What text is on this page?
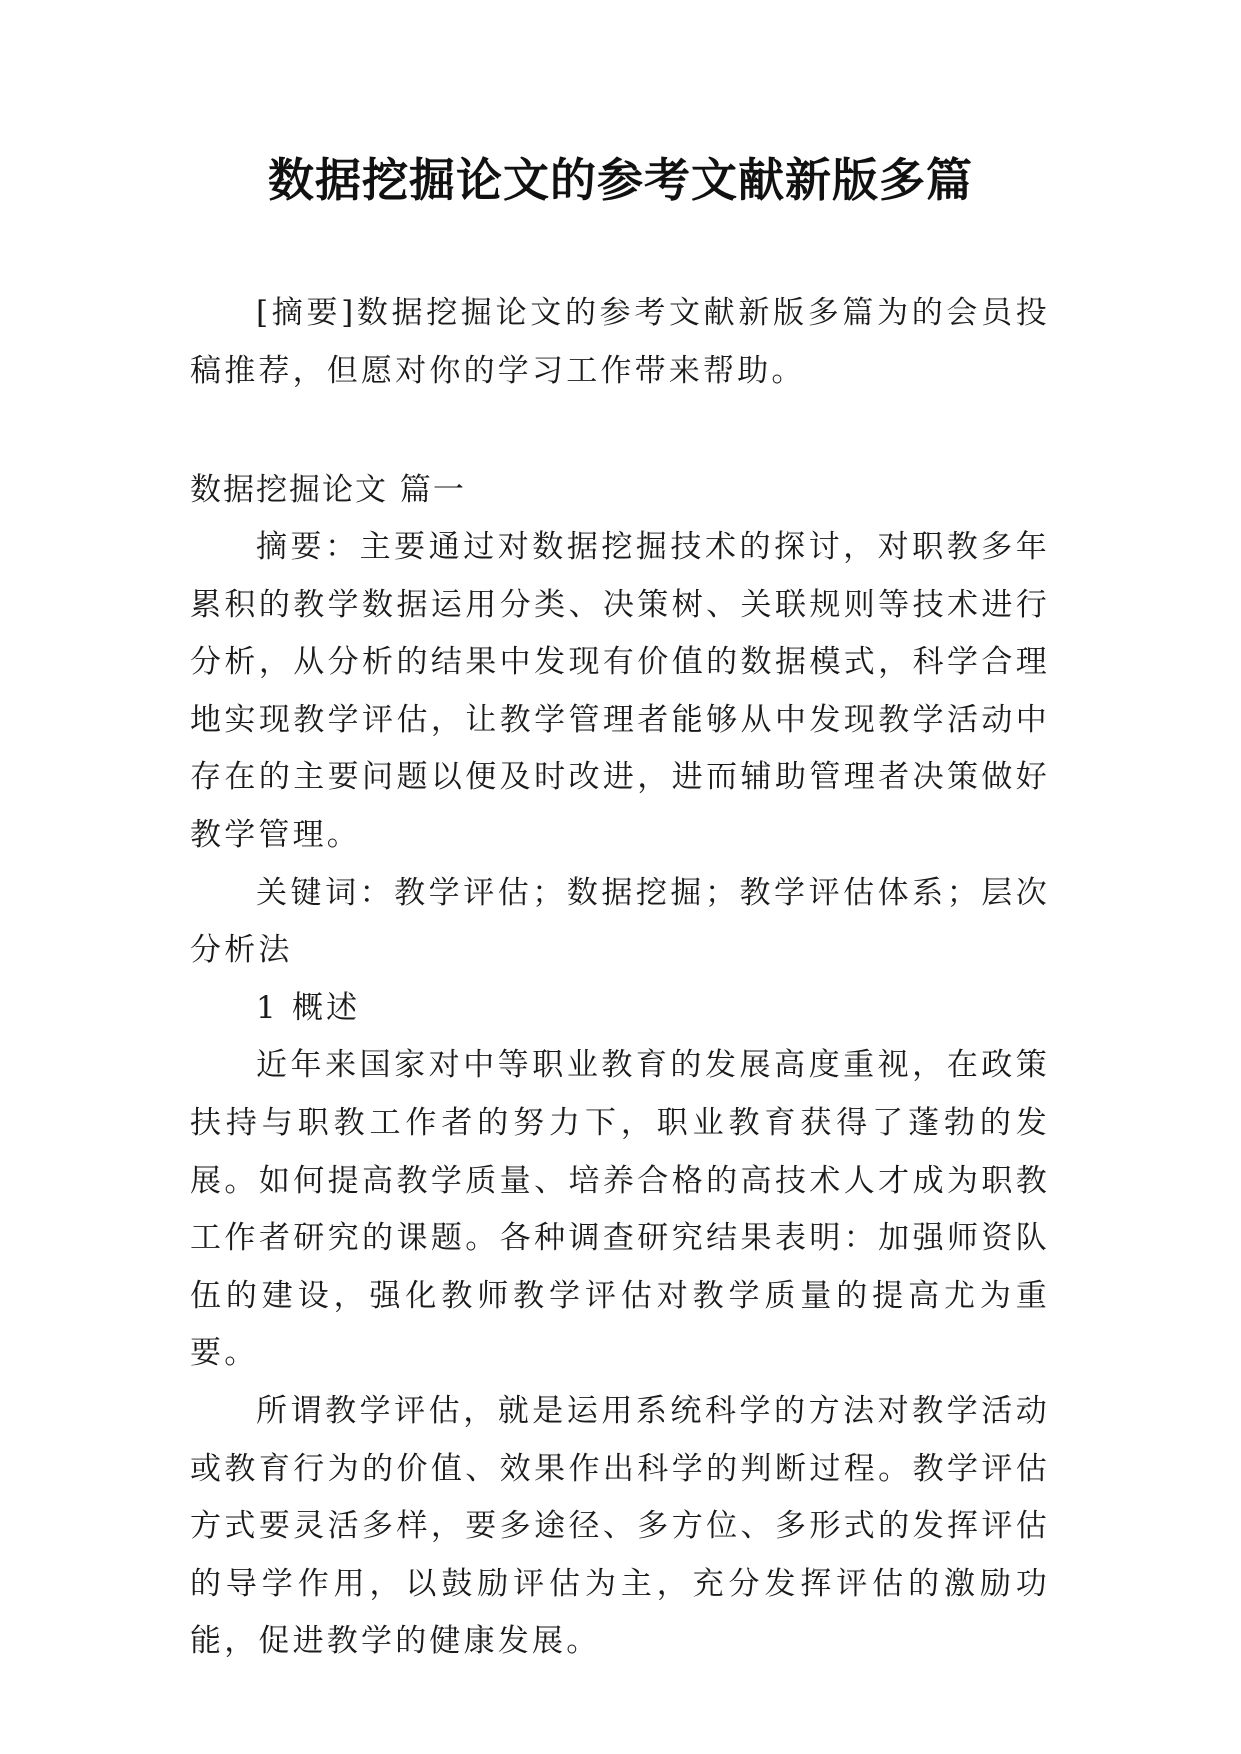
数据挖掘论文的参考文献新版多篇

[摘要]数据挖掘论文的参考文献新版多篇为的会员投稿推荐，但愿对你的学习工作带来帮助。

数据挖掘论文 篇一

摘要：主要通过对数据挖掘技术的探讨，对职教多年累积的教学数据运用分类、决策树、关联规则等技术进行分析，从分析的结果中发现有价值的数据模式，科学合理地实现教学评估，让教学管理者能够从中发现教学活动中存在的主要问题以便及时改进，进而辅助管理者决策做好教学管理。

关键词：教学评估；数据挖掘；教学评估体系；层次分析法

1 概述

近年来国家对中等职业教育的发展高度重视，在政策扶持与职教工作者的努力下，职业教育获得了蓬勃的发展。如何提高教学质量、培养合格的高技术人才成为职教工作者研究的课题。各种调查研究结果表明：加强师资队伍的建设，强化教师教学评估对教学质量的提高尤为重要。

所谓教学评估，就是运用系统科学的方法对教学活动或教育行为的价值、效果作出科学的判断过程。教学评估方式要灵活多样，要多途径、多方位、多形式的发挥评估的导学作用，以鼓励评估为主，充分发挥评估的激励功能，促进教学的健康发展。
